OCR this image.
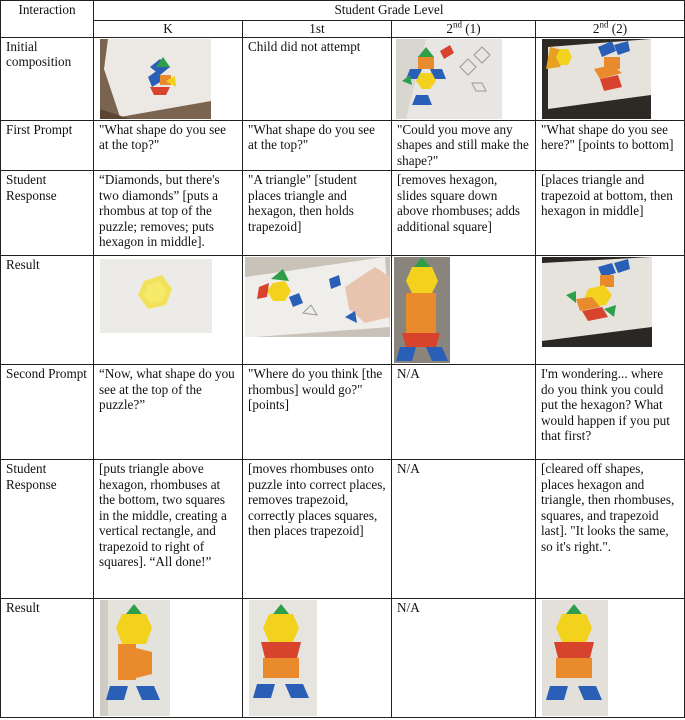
Interaction	Student Grade Level			
	K	1st	2nd (1)	2nd (2)
Initial composition		Child did not attempt	

First Prompt	"What shape do you see at the top?"	"What shape do you see at the top?"	"Could you move any shapes and still make the shape?"	"What shape do you see here?" [points to bottom]
Student Response	“Diamonds, but there's two diamonds” [puts a rhombus at top of the puzzle; removes; puts hexagon in middle].	"A triangle" [student places triangle and hexagon, then holds trapezoid]	[removes hexagon, slides square down above rhombuses; adds additional square]	[places triangle and trapezoid at bottom, then hexagon in middle]
Result	

Second Prompt	“Now, what shape do you see at the top of the puzzle?”	"Where do you think [the rhombus] would go?" [points]	N/A	I'm wondering... where do you think you could put the hexagon? What would happen if you put that first?
Student Response	[puts triangle above hexagon, rhombuses at the bottom, two squares in the middle, creating a vertical rectangle, and trapezoid to right of squares]. “All done!”	[moves rhombuses onto puzzle into correct places, removes trapezoid, correctly places squares, then places trapezoid]	N/A	[cleared off shapes, places hexagon and triangle, then rhombuses, squares, and trapezoid last]. "It looks the same, so it's right.".
Result			N/A	
